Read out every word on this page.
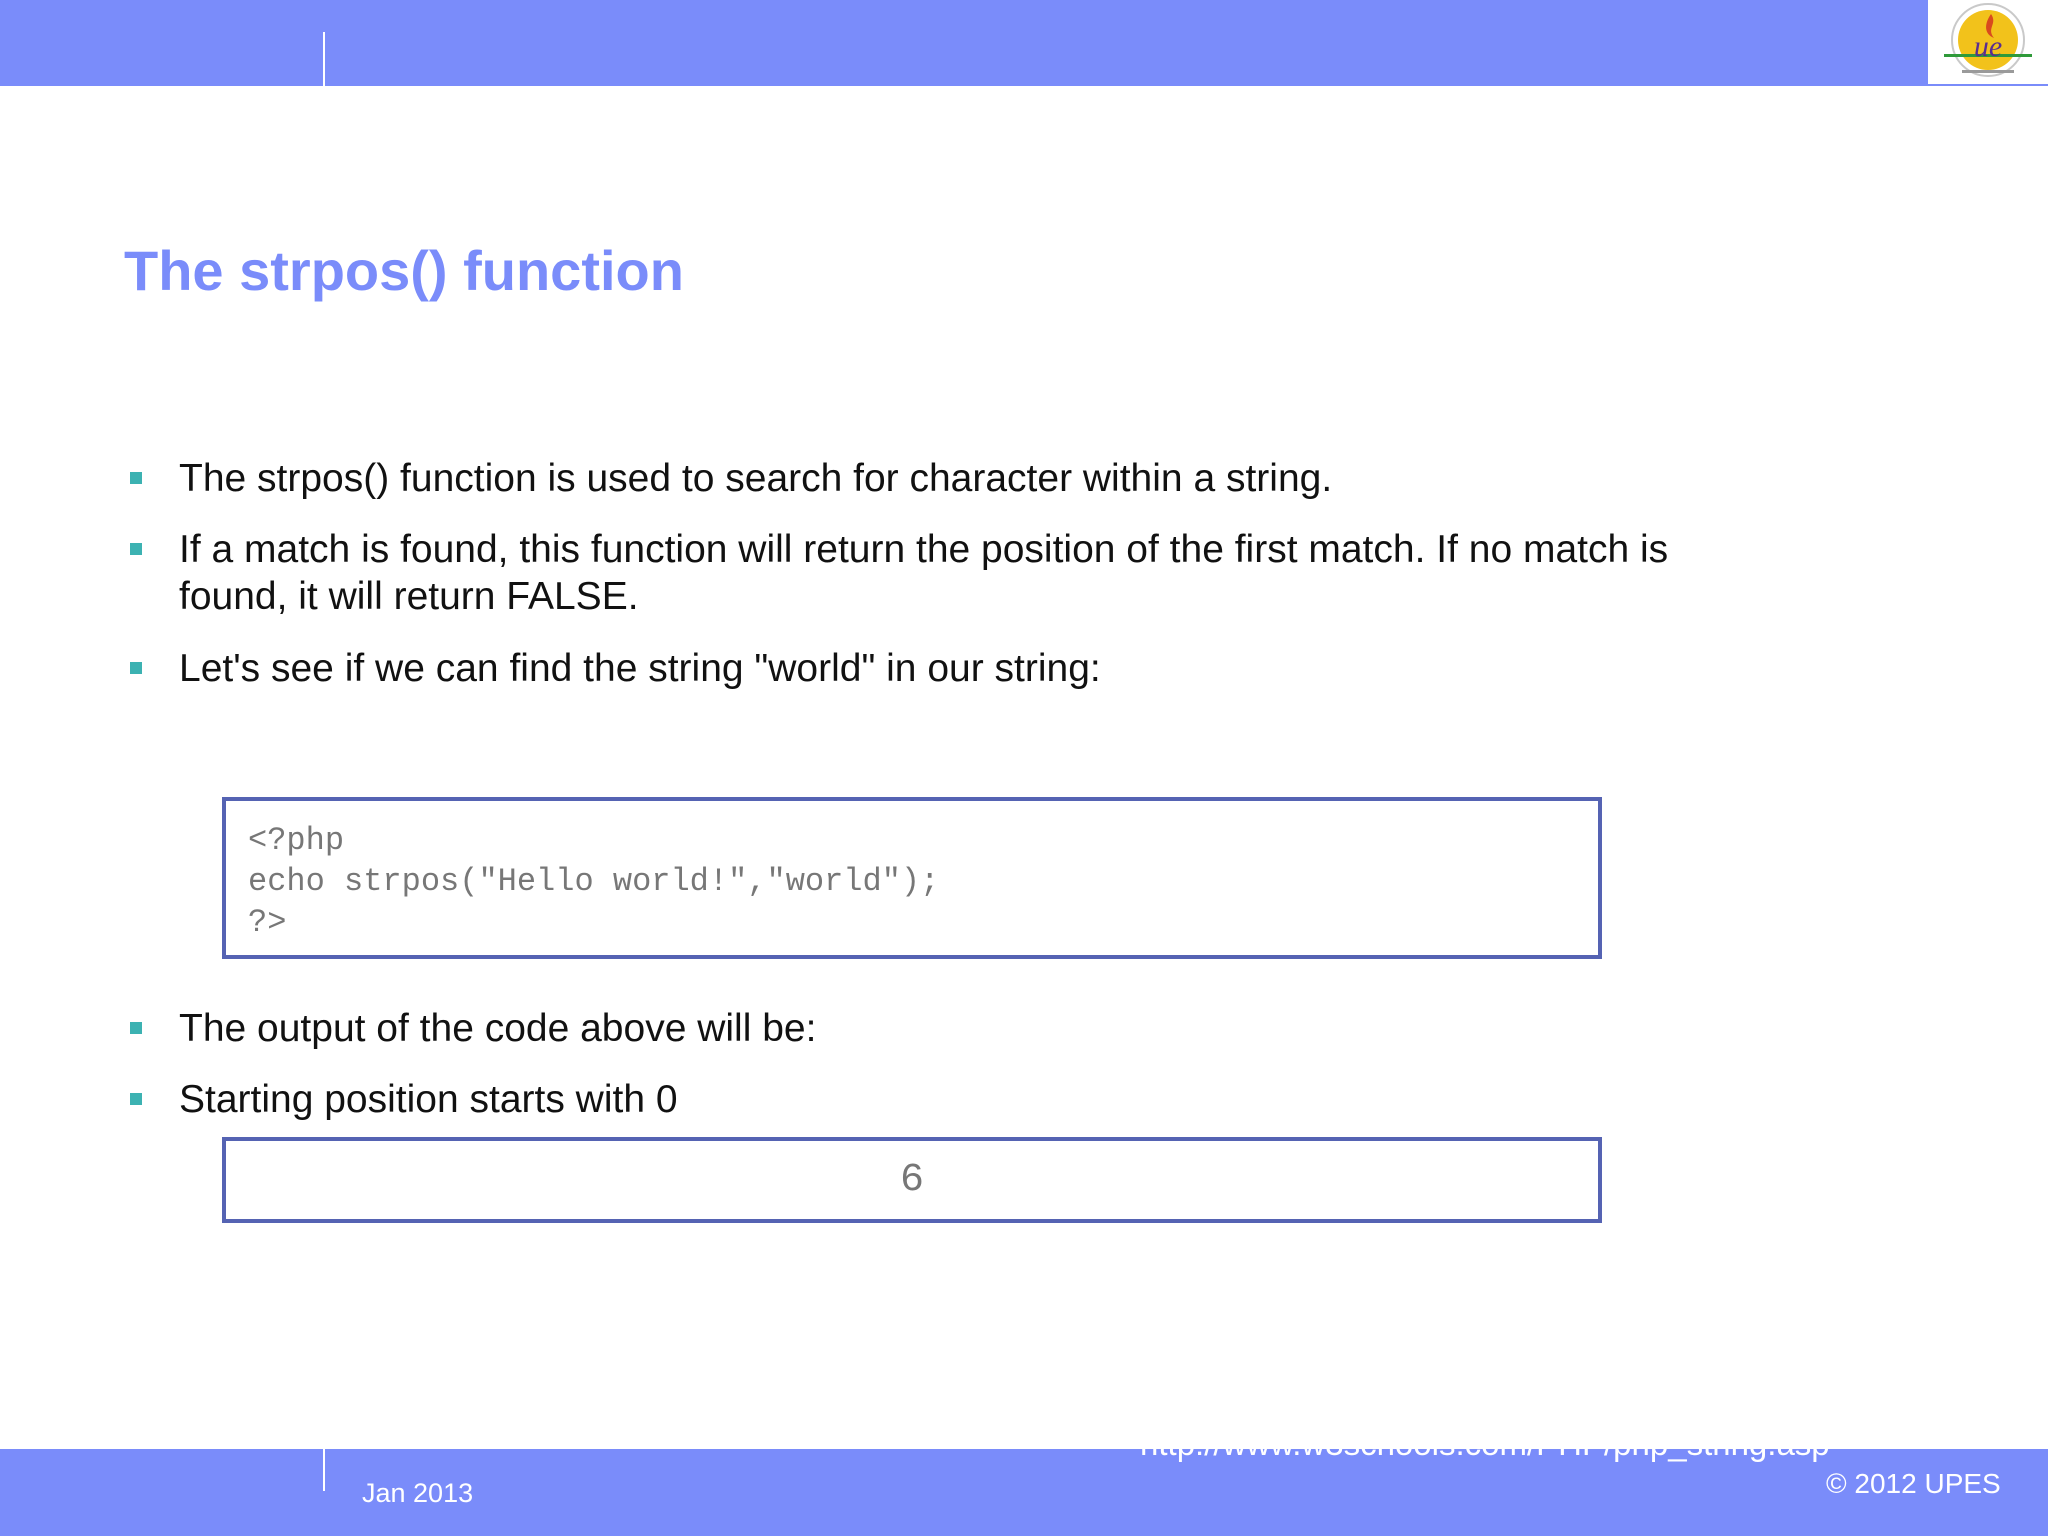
ue
The strpos() function
The strpos() function is used to search for character within a string.
If a match is found, this function will return the position of the first match. If no match is found, it will return FALSE.
Let's see if we can find the string "world" in our string:
<?php
echo strpos("Hello world!","world");
?>
The output of the code above will be:
Starting position starts with 0
6
http://www.w3schools.com/PHP/php_string.asp
Jan 2013	© 2012 UPES
